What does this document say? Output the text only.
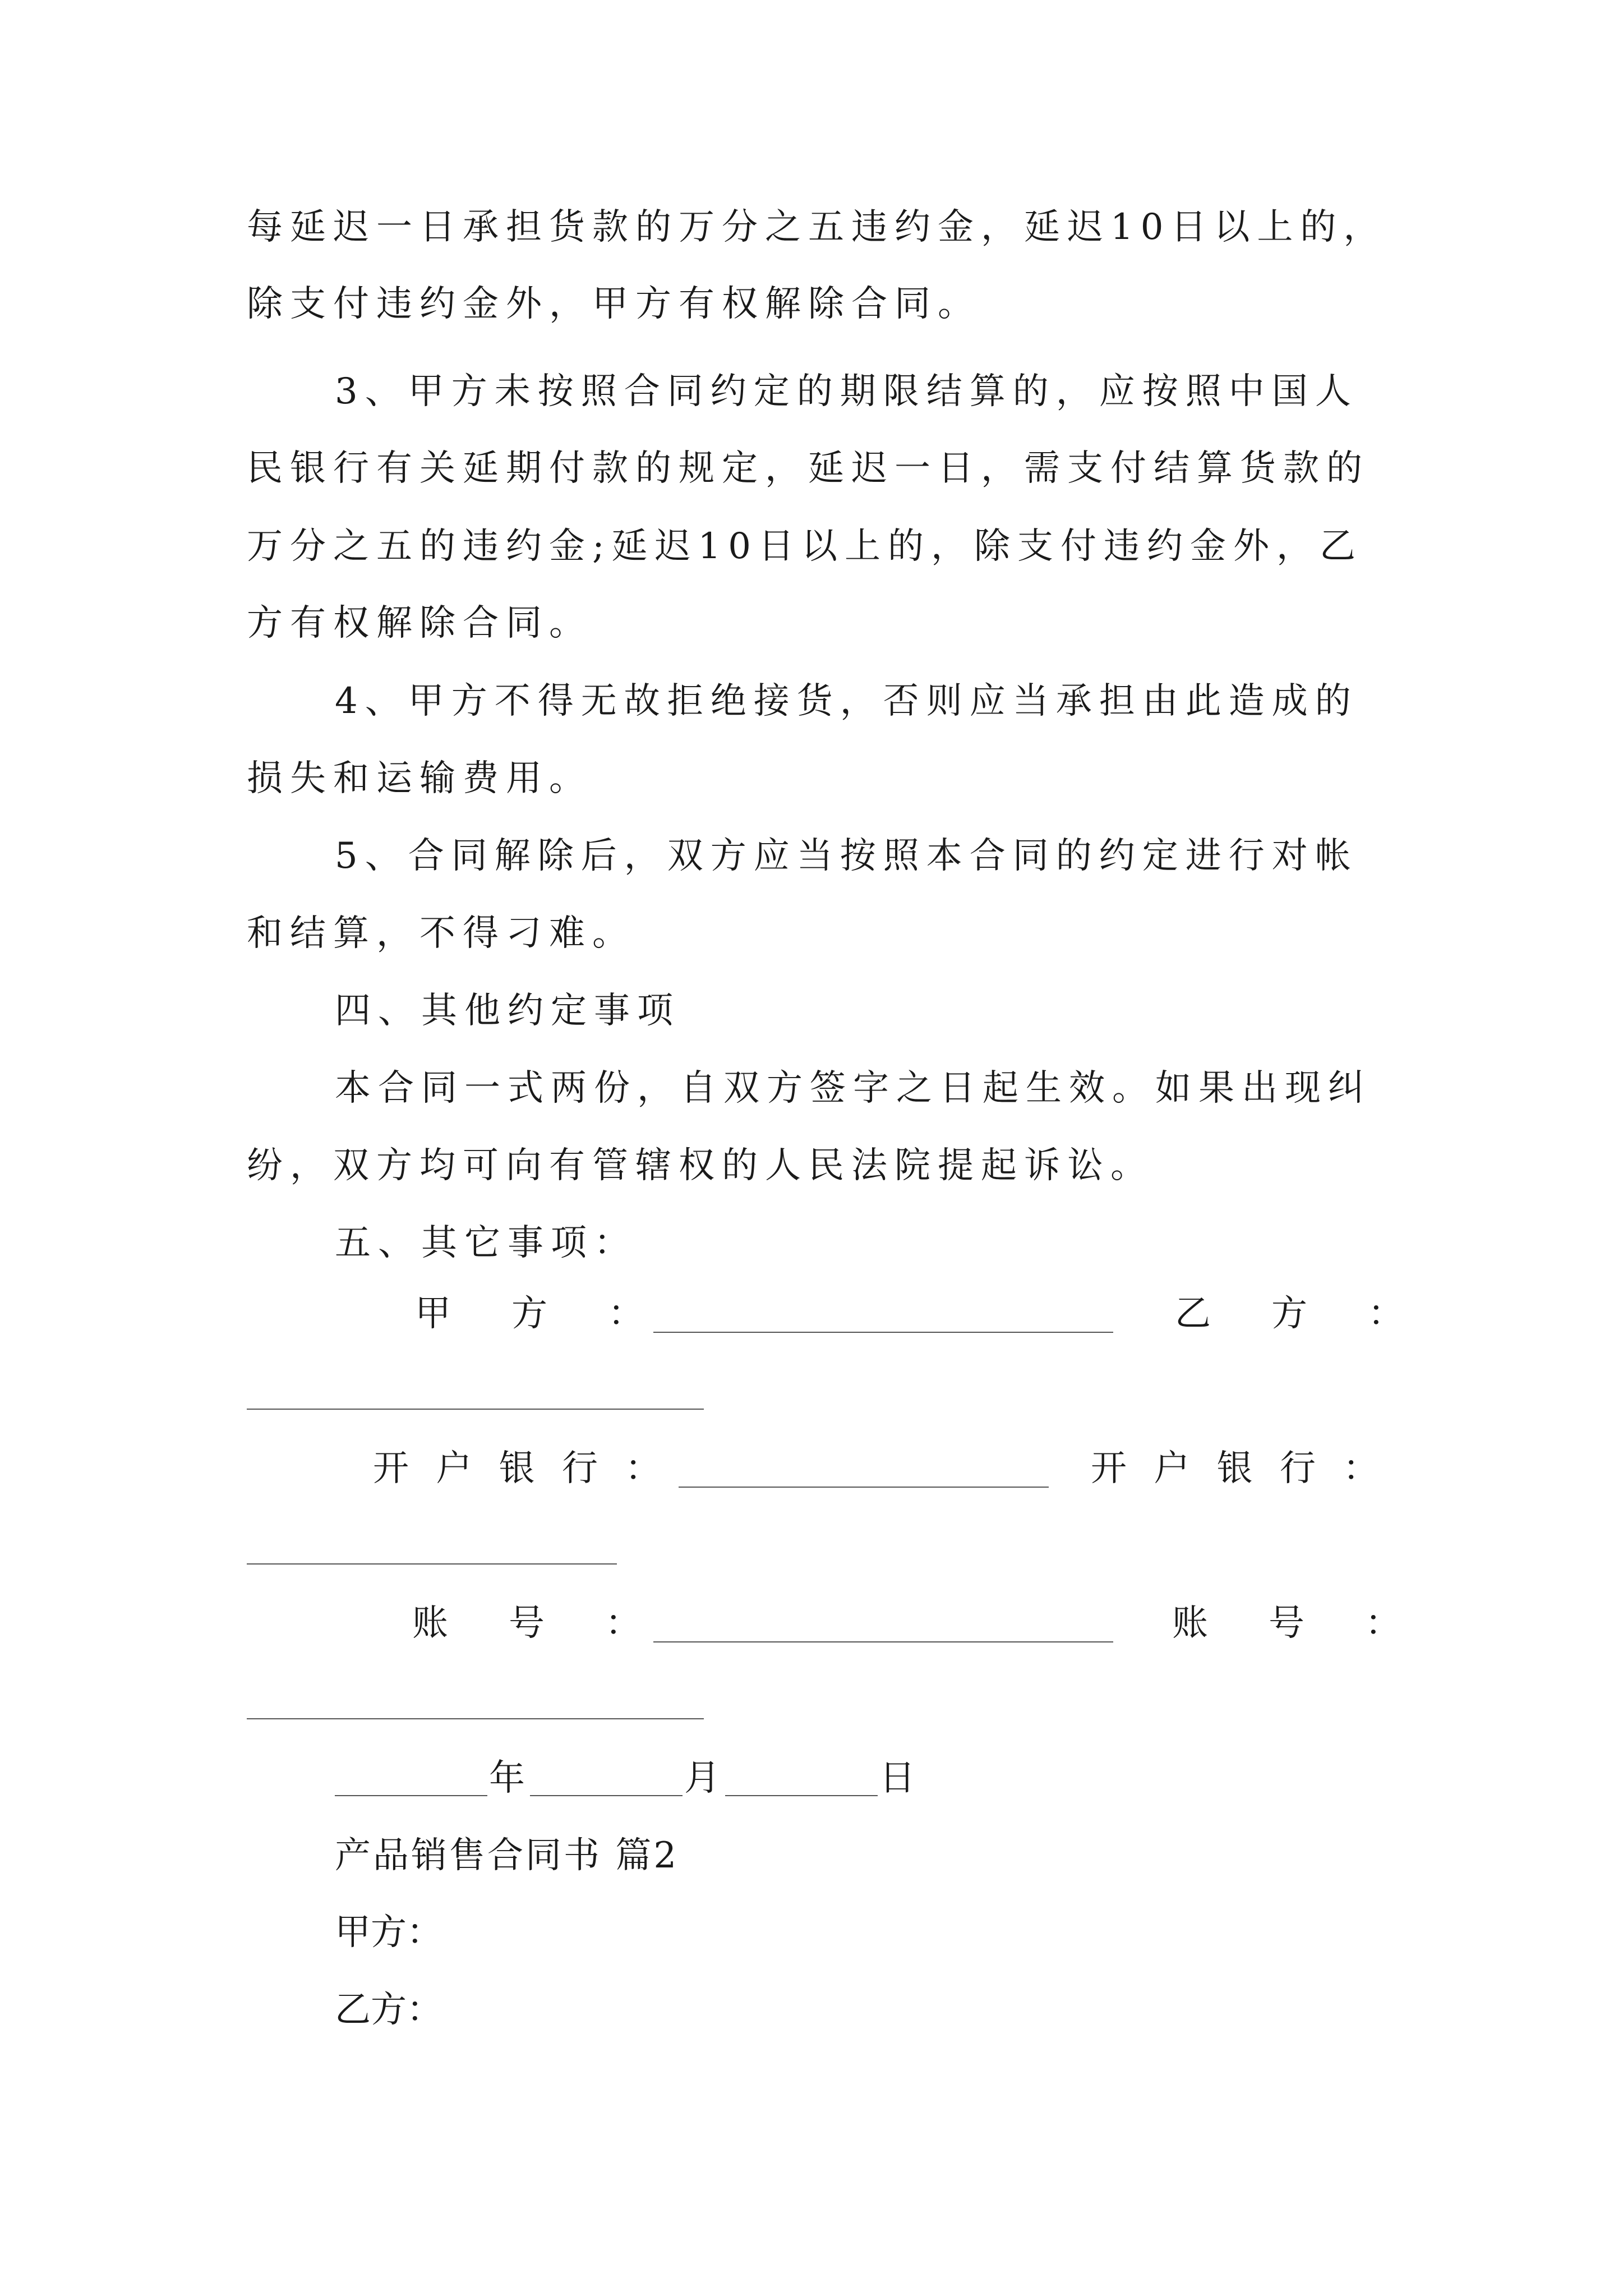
每延迟一日承担货款的万分之五违约金，延迟10日以上的，
除支付违约金外，甲方有权解除合同。
3、甲方未按照合同约定的期限结算的，应按照中国人
民银行有关延期付款的规定，延迟一日，需支付结算货款的
万分之五的违约金;延迟10日以上的，除支付违约金外，乙
方有权解除合同。
4、甲方不得无故拒绝接货，否则应当承担由此造成的
损失和运输费用。
5、合同解除后，双方应当按照本合同的约定进行对帐
和结算，不得刁难。
四、其他约定事项
本合同一式两份，自双方签字之日起生效。如果出现纠
纷，双方均可向有管辖权的人民法院提起诉讼。
五、其它事项：
甲　方　：	乙　方　：
开 户 银 行 ：	开 户 银 行 ：
账　号　：	账　号　：
年	月	日
产品销售合同书 篇2
甲方：
乙方：
